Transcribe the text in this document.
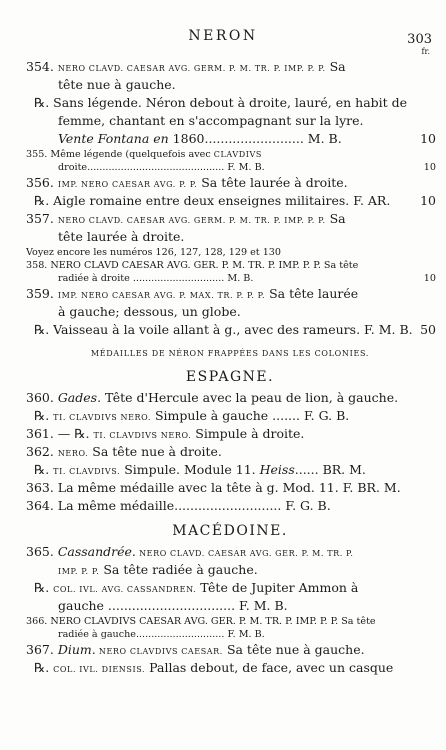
NERON	303
fr.
354. NERO CLAVD. CAESAR AVG. GERM. P. M. TR. P. IMP. P. P. Sa
tête nue à gauche.
℞. Sans légende. Néron debout à droite, lauré, en habit de
femme, chantant en s'accompagnant sur la lyre.
Vente Fontana en 1860......................... M. B.	10
355. Même légende (quelquefois avec CLAVDIVS
droite............................................. F. M. B.	10
356. IMP. NERO CAESAR AVG. P. P. Sa tête laurée à droite.
℞. Aigle romaine entre deux enseignes militaires. F. AR.	10
357. NERO CLAVD. CAESAR AVG. GERM. P. M. TR. P. IMP. P. P. Sa
tête laurée à droite.
Voyez encore les numéros 126, 127, 128, 129 et 130
358. NERO CLAVD CAESAR AVG. GER. P. M. TR. P. IMP. P. P. Sa tête
radiée à droite .............................. M. B.	10
359. IMP. NERO CAESAR AVG. P. MAX. TR. P. P. P. Sa tête laurée
à gauche; dessous, un globe.
℞. Vaisseau à la voile allant à g., avec des rameurs. F. M. B. 50
MÉDAILLES DE NÉRON FRAPPÉES DANS LES COLONIES.
ESPAGNE.
360. Gades. Tête d'Hercule avec la peau de lion, à gauche.
℞. TI. CLAVDIVS NERO. Simpule à gauche ....... F. G. B.
361. — ℞. TI. CLAVDIVS NERO. Simpule à droite.
362. NERO. Sa tête nue à droite.
℞. TI. CLAVDIVS. Simpule. Module 11. Heiss...... BR. M.
363. La même médaille avec la tête à g. Mod. 11. F. BR. M.
364. La même médaille........................... F. G. B.
MACÉDOINE.
365. Cassandrée. NERO CLAVD. CAESAR AVG. GER. P. M. TR. P.
IMP. P. P. Sa tête radiée à gauche.
℞. COL. IVL. AVG. CASSANDREN. Tête de Jupiter Ammon à
gauche ................................ F. M. B.
366. NERO CLAVDIVS CAESAR AVG. GER. P. M. TR. P. IMP. P. P. Sa tête
radiée à gauche............................. F. M. B.
367. Dium. NERO CLAVDIVS CAESAR. Sa tête nue à gauche.
℞. COL. IVL. DIENSIS. Pallas debout, de face, avec un casque
